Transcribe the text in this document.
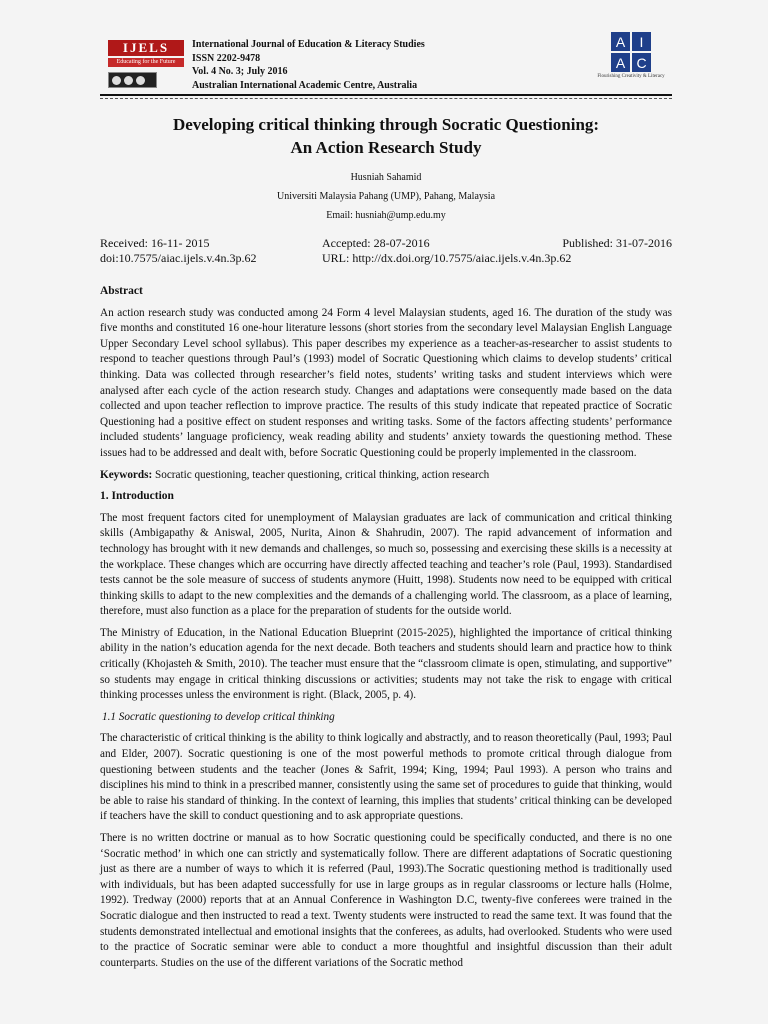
IJELS
Educating for the Future
International Journal of Education & Literacy Studies
ISSN 2202-9478
Vol. 4 No. 3; July 2016
Australian International Academic Centre, Australia
A	I
A C
Flourishing Creativity & Literacy
Developing critical thinking through Socratic Questioning:
An Action Research Study
Husniah Sahamid
Universiti Malaysia Pahang (UMP), Pahang, Malaysia
Email: husniah@ump.edu.my
Received: 16-11- 2015	Accepted: 28-07-2016	Published: 31-07-2016
doi:10.7575/aiac.ijels.v.4n.3p.62	URL: http://dx.doi.org/10.7575/aiac.ijels.v.4n.3p.62
Abstract

An action research study was conducted among 24 Form 4 level Malaysian students, aged 16. The duration of the study was five months and constituted 16 one-hour literature lessons (short stories from the secondary level Malaysian English Language Upper Secondary Level school syllabus). This paper describes my experience as a teacher-as-researcher to assist students to respond to teacher questions through Paul’s (1993) model of Socratic Questioning which claims to develop students’ critical thinking. Data was collected through researcher’s field notes, students’ writing tasks and student interviews which were analysed after each cycle of the action research study. Changes and adaptations were consequently made based on the data collected and upon teacher reflection to improve practice. The results of this study indicate that repeated practice of Socratic Questioning had a positive effect on student responses and writing tasks. Some of the factors affecting students’ performance included students’ language proficiency, weak reading ability and students’ anxiety towards the questioning method. These issues had to be addressed and dealt with, before Socratic Questioning could be properly implemented in the classroom.

Keywords: Socratic questioning, teacher questioning, critical thinking, action research

1. Introduction

The most frequent factors cited for unemployment of Malaysian graduates are lack of communication and critical thinking skills (Ambigapathy & Aniswal, 2005, Nurita, Ainon & Shahrudin, 2007). The rapid advancement of information and technology has brought with it new demands and challenges, so much so, possessing and exercising these skills is a necessity at the workplace. These changes which are occurring have directly affected teaching and teacher’s role (Paul, 1993). Standardised tests cannot be the sole measure of success of students anymore (Huitt, 1998). Students now need to be equipped with critical thinking skills to adapt to the new complexities and the demands of a challenging world. The classroom, as a place of learning, therefore, must also function as a place for the preparation of students for the outside world.

The Ministry of Education, in the National Education Blueprint (2015-2025), highlighted the importance of critical thinking ability in the nation’s education agenda for the next decade. Both teachers and students should learn and practice how to think critically (Khojasteh & Smith, 2010). The teacher must ensure that the “classroom climate is open, stimulating, and supportive” so students may engage in critical thinking discussions or activities; students may not take the risk to engage with critical thinking processes unless the environment is right. (Black, 2005, p. 4).

1.1 Socratic questioning to develop critical thinking

The characteristic of critical thinking is the ability to think logically and abstractly, and to reason theoretically (Paul, 1993; Paul and Elder, 2007). Socratic questioning is one of the most powerful methods to promote critical through dialogue from questioning between students and the teacher (Jones & Safrit, 1994; King, 1994; Paul 1993). A person who trains and disciplines his mind to think in a prescribed manner, consistently using the same set of procedures to guide that thinking, would be able to raise his standard of thinking. In the context of learning, this implies that students’ critical thinking can be developed if teachers have the skill to conduct questioning and to ask appropriate questions.

There is no written doctrine or manual as to how Socratic questioning could be specifically conducted, and there is no one ‘Socratic method’ in which one can strictly and systematically follow. There are different adaptations of Socratic questioning just as there are a number of ways to which it is referred (Paul, 1993).The Socratic questioning method is traditionally used with individuals, but has been adapted successfully for use in large groups as in regular classrooms or lecture halls (Holme, 1992). Tredway (2000) reports that at an Annual Conference in Washington D.C, twenty-five conferees were trained in the Socratic dialogue and then instructed to read a text. Twenty students were instructed to read the same text. It was found that the students demonstrated intellectual and emotional insights that the conferees, as adults, had overlooked. Students who were used to the practice of Socratic seminar were able to conduct a more thoughtful and insightful discussion than their adult counterparts. Studies on the use of the different variations of the Socratic method
